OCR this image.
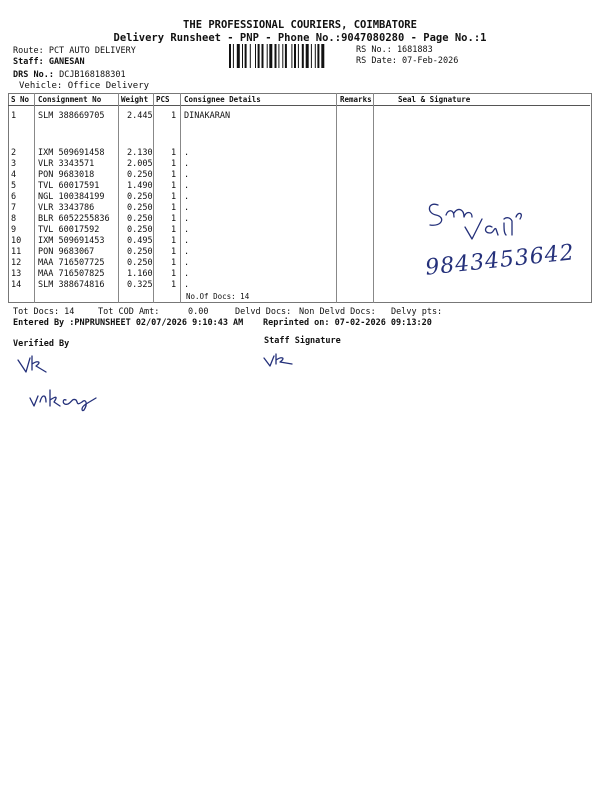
THE PROFESSIONAL COURIERS, COIMBATORE
Delivery Runsheet - PNP - Phone No.:9047080280 - Page No.:1
Route: PCT AUTO DELIVERY
Staff: GANESAN
DRS No.: DCJB168188301
Vehicle: Office Delivery
RS No.: 1681883
RS Date: 07-Feb-2026
S No Consignment No	Weight PCS Consignee Details	Remarks	Seal & Signature
1	SLM 388669705	2.445 1 DINAKARAN
2	IXM 509691458	2.130 1 .
3	VLR 3343571	2.005 1 .
4	PON 9683018	0.250 1 .
5	TVL 60017591	1.490 1 .
6	NGL 100384199	0.250 1 .
7	VLR 3343786	0.250 1 .
8	BLR 6052255836 0.250 1 .
9	TVL 60017592	0.250 1 .
10 IXM 509691453	0.495 1 .
11 PON 9683067	0.250 1 .
12 MAA 716507725	0.250 1 .
13 MAA 716507825	1.160 1 .
14 SLM 388674816	0.325 1 .
No.Of Docs: 14
9843453642
Tot Docs: 14	Tot COD Amt:	0.00	Delvd Docs: Non Delvd Docs: Delvy pts:
Entered By :PNPRUNSHEET 02/07/2026 9:10:43 AM Reprinted on: 07-02-2026 09:13:20
Verified By	Staff Signature
